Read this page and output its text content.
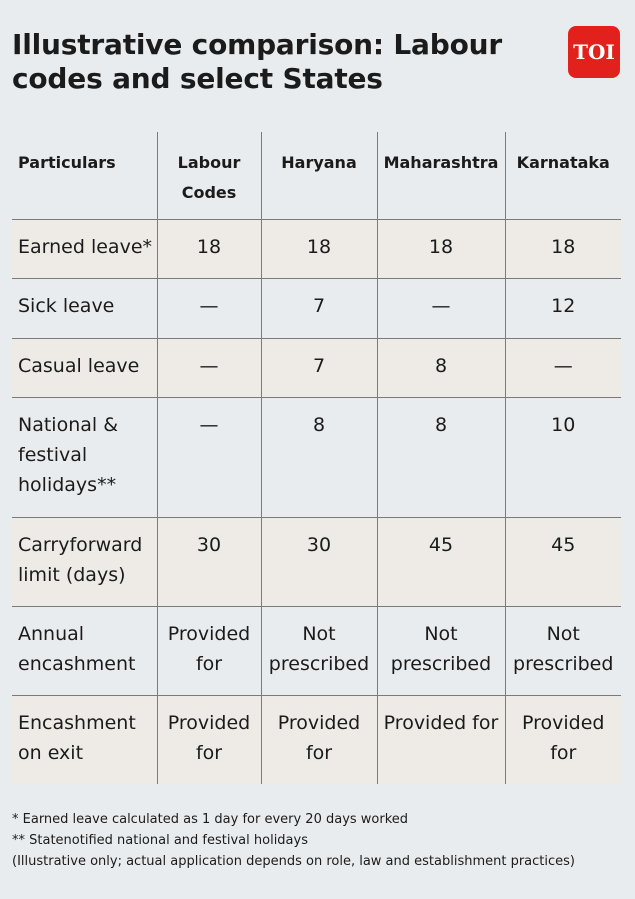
Illustrative comparison: Labour codes and select States
TOI
Particulars	Labour Codes	Haryana	Maharashtra	Karnataka
Earned leave*	18	18	18	18
Sick leave	—	7	—	12
Casual leave	—	7	8	—
National & festival holidays**	—	8	8	10
Carryforward limit (days)	30	30	45	45
Annual encashment	Provided for	Not prescribed	Not prescribed	Not prescribed
Encashment on exit	Provided for	Provided for	Provided for	Provided for
* Earned leave calculated as 1 day for every 20 days worked
** Statenotified national and festival holidays
(Illustrative only; actual application depends on role, law and establishment practices)
